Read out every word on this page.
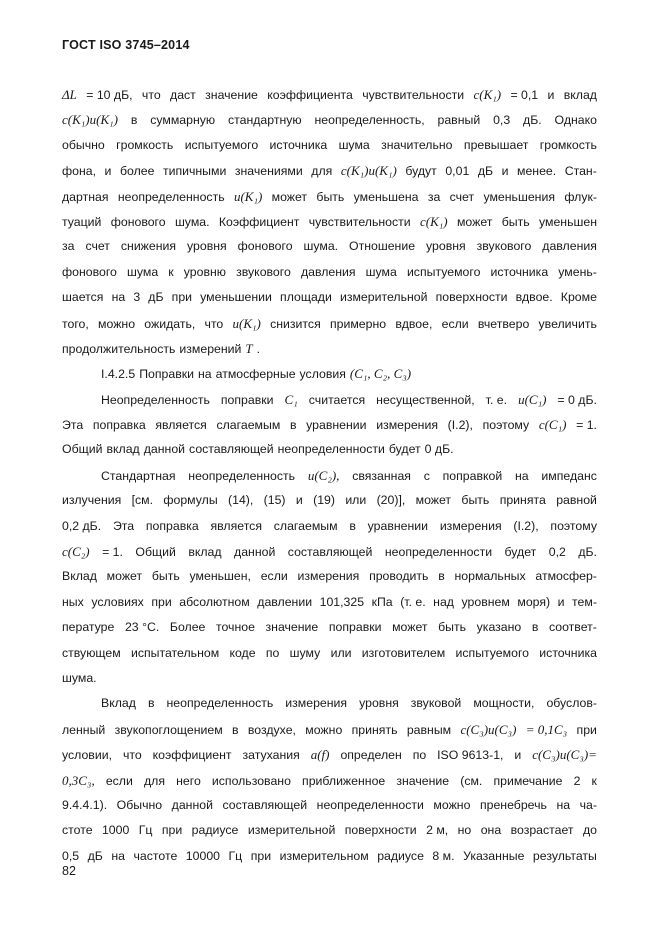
ГОСТ ISO 3745–2014
ΔL = 10 дБ, что даст значение коэффициента чувствительности c(K₁) = 0,1 и вклад
c(K₁)u(K₁) в суммарную стандартную неопределенность, равный 0,3 дБ. Однако
обычно громкость испытуемого источника шума значительно превышает громкость
фона, и более типичными значениями для c(K₁)u(K₁) будут 0,01 дБ и менее. Стан-
дартная неопределенность u(K₁) может быть уменьшена за счет уменьшения флук-
туаций фонового шума. Коэффициент чувствительности c(K₁) может быть уменьшен
за счет снижения уровня фонового шума. Отношение уровня звукового давления
фонового шума к уровню звукового давления шума испытуемого источника умень-
шается на 3 дБ при уменьшении площади измерительной поверхности вдвое. Кроме
того, можно ожидать, что u(K₁) снизится примерно вдвое, если вчетверо увеличить
продолжительность измерений T .
I.4.2.5 Поправки на атмосферные условия (C₁, C₂, C₃)
Неопределенность поправки C₁ считается несущественной, т. е. u(C₁) = 0 дБ.
Эта поправка является слагаемым в уравнении измерения (I.2), поэтому c(C₁) = 1.
Общий вклад данной составляющей неопределенности будет 0 дБ.
Стандартная неопределенность u(C₂), связанная с поправкой на импеданс
излучения [см. формулы (14), (15) и (19) или (20)], может быть принята равной
0,2 дБ. Эта поправка является слагаемым в уравнении измерения (I.2), поэтому
c(C₂) = 1. Общий вклад данной составляющей неопределенности будет 0,2 дБ.
Вклад может быть уменьшен, если измерения проводить в нормальных атмосфер-
ных условиях при абсолютном давлении 101,325 кПа (т. е. над уровнем моря) и тем-
пературе 23 °С. Более точное значение поправки может быть указано в соответ-
ствующем испытательном коде по шуму или изготовителем испытуемого источника
шума.
Вклад в неопределенность измерения уровня звуковой мощности, обуслов-
ленный звукопоглощением в воздухе, можно принять равным c(C₃)u(C₃) = 0,1C₃ при
условии, что коэффициент затухания a(f) определен по ISO 9613-1, и c(C₃)u(C₃)=
0,3C₃, если для него использовано приближенное значение (см. примечание 2 к
9.4.4.1). Обычно данной составляющей неопределенности можно пренебречь на ча-
стоте 1000 Гц при радиусе измерительной поверхности 2 м, но она возрастает до
0,5 дБ на частоте 10000 Гц при измерительном радиусе 8 м. Указанные результаты
82
